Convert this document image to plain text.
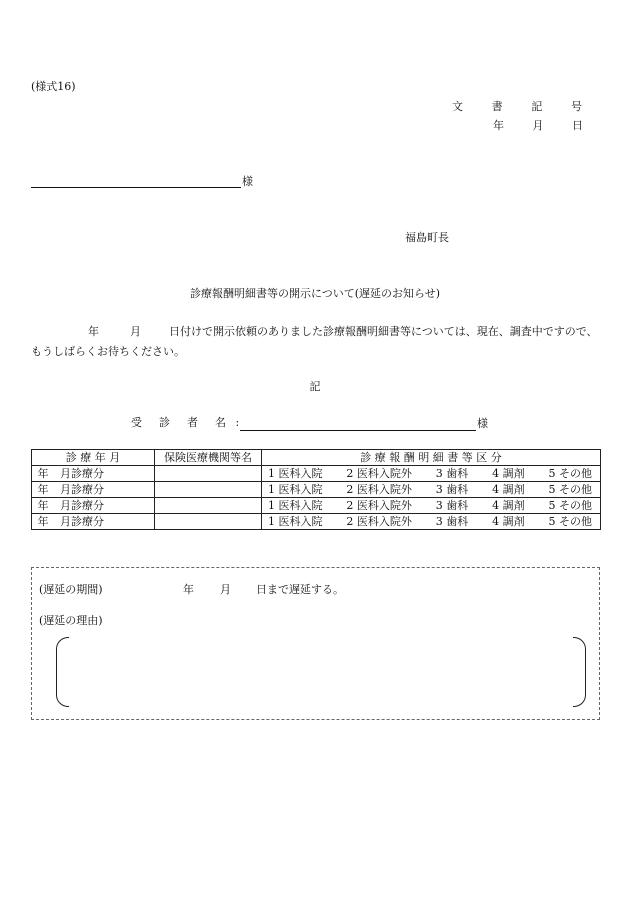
(様式16)
文	書	記	号
年	月	日
様
福島町長
診療報酬明細書等の開示について(遅延のお知らせ)
年	月	日付けで開示依頼のありました診療報酬明細書等については、現在、調査中ですので、もうしばらくお待ちください。
記
受 診 者 名 :	様
診 療 年 月	保険医療機関等名	診 療 報 酬 明 細 書 等 区 分
年 月診療分		1 医科入院 2 医科入院外 3 歯科 4 調剤 5 その他

年 月診療分		1 医科入院 2 医科入院外 3 歯科 4 調剤 5 その他

年 月診療分		1 医科入院 2 医科入院外 3 歯科 4 調剤 5 その他

年 月診療分		1 医科入院 2 医科入院外 3 歯科 4 調剤 5 その他
(遅延の期間)	年 月 日まで遅延する。
(遅延の理由)
